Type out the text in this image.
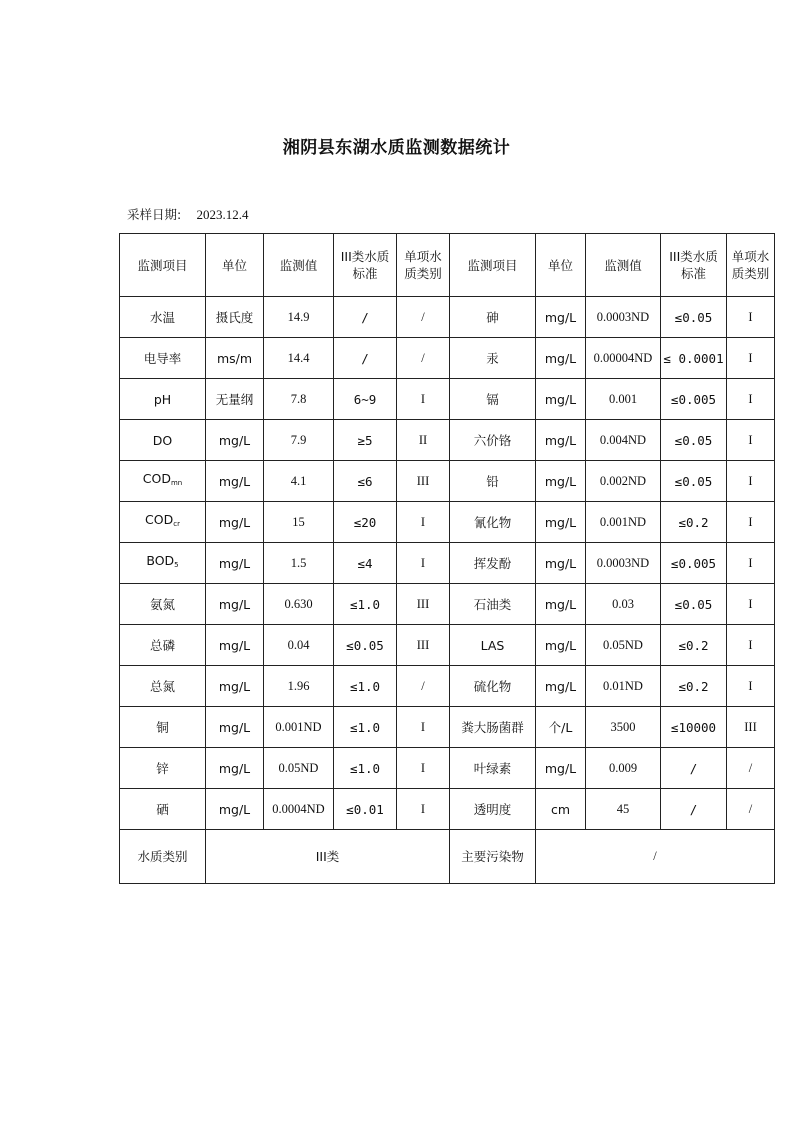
湘阴县东湖水质监测数据统计
采样日期: 2023.12.4
监测项目	单位	监测值	III类水质标准	单项水质类别	监测项目	单位	监测值	III类水质标准	单项水质类别
水温	摄氏度	14.9	/	/	砷	mg/L	0.0003ND	≤0.05	I
电导率	ms/m	14.4	/	/	汞	mg/L	0.00004ND	≤ 0.0001	I
pH	无量纲	7.8	6~9	I	镉	mg/L	0.001	≤0.005	I
DO	mg/L	7.9	≥5	II	六价铬	mg/L	0.004ND	≤0.05	I
$COD_{mn}$	mg/L	4.1	≤6	III	铅	mg/L	0.002ND	≤0.05	I
$COD_{cr}$	mg/L	15	≤20	I	氰化物	mg/L	0.001ND	≤0.2	I
$BOD_5$	mg/L	1.5	≤4	I	挥发酚	mg/L	0.0003ND	≤0.005	I
氨氮	mg/L	0.630	≤1.0	III	石油类	mg/L	0.03	≤0.05	I
总磷	mg/L	0.04	≤0.05	III	LAS	mg/L	0.05ND	≤0.2	I
总氮	mg/L	1.96	≤1.0	/	硫化物	mg/L	0.01ND	≤0.2	I
铜	mg/L	0.001ND	≤1.0	I	粪大肠菌群	个/L	3500	≤10000	III
锌	mg/L	0.05ND	≤1.0	I	叶绿素	mg/L	0.009	/	/
硒	mg/L	0.0004ND	≤0.01	I	透明度	cm	45	/	/
水质类别	III类				主要污染物	/			
